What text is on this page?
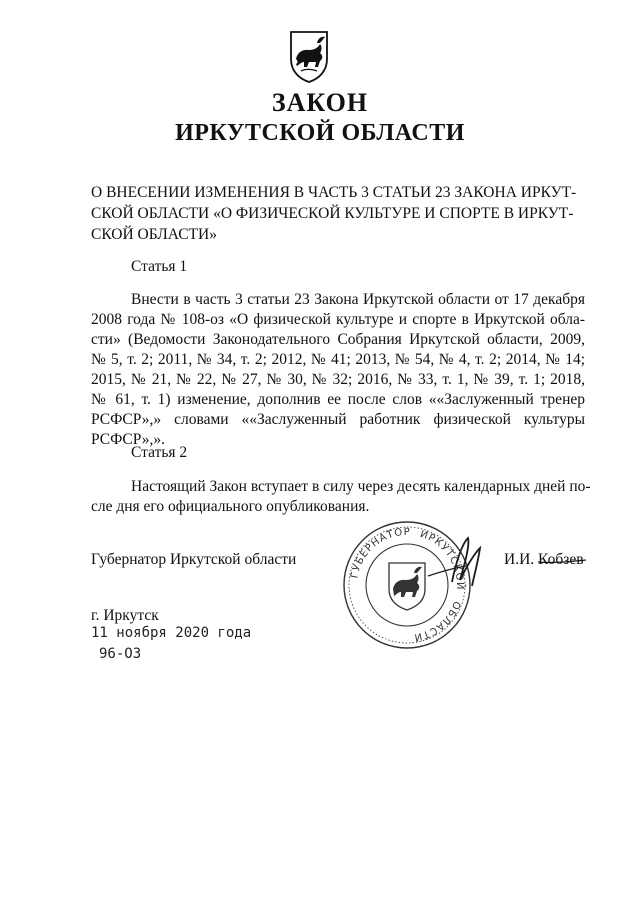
ЗАКОН
ИРКУТСКОЙ ОБЛАСТИ
О ВНЕСЕНИИ ИЗМЕНЕНИЯ В ЧАСТЬ 3 СТАТЬИ 23 ЗАКОНА ИРКУТ-
СКОЙ ОБЛАСТИ «О ФИЗИЧЕСКОЙ КУЛЬТУРЕ И СПОРТЕ В ИРКУТ-
СКОЙ ОБЛАСТИ»
Статья 1
Внести в часть 3 статьи 23 Закона Иркутской области от 17 декабря
2008 года № 108-оз «О физической культуре и спорте в Иркутской обла-
сти» (Ведомости Законодательного Собрания Иркутской области, 2009,
№ 5, т. 2; 2011, № 34, т. 2; 2012, № 41; 2013, № 54, № 4, т. 2; 2014, № 14;
2015, № 21, № 22, № 27, № 30, № 32; 2016, № 33, т. 1, № 39, т. 1; 2018,
№ 61, т. 1) изменение, дополнив ее после слов ««Заслуженный тренер
РСФСР»,» словами ««Заслуженный работник физической культуры
РСФСР»,».
Статья 2
Настоящий Закон вступает в силу через десять календарных дней по-
сле дня его официального опубликования.
Губернатор Иркутской области
ГУБЕРНАТОР ИРКУТСКОЙ
ОБЛАСТИ
И.И. Кобзев
г. Иркутск
11 ноября 2020 года
96-ОЗ
